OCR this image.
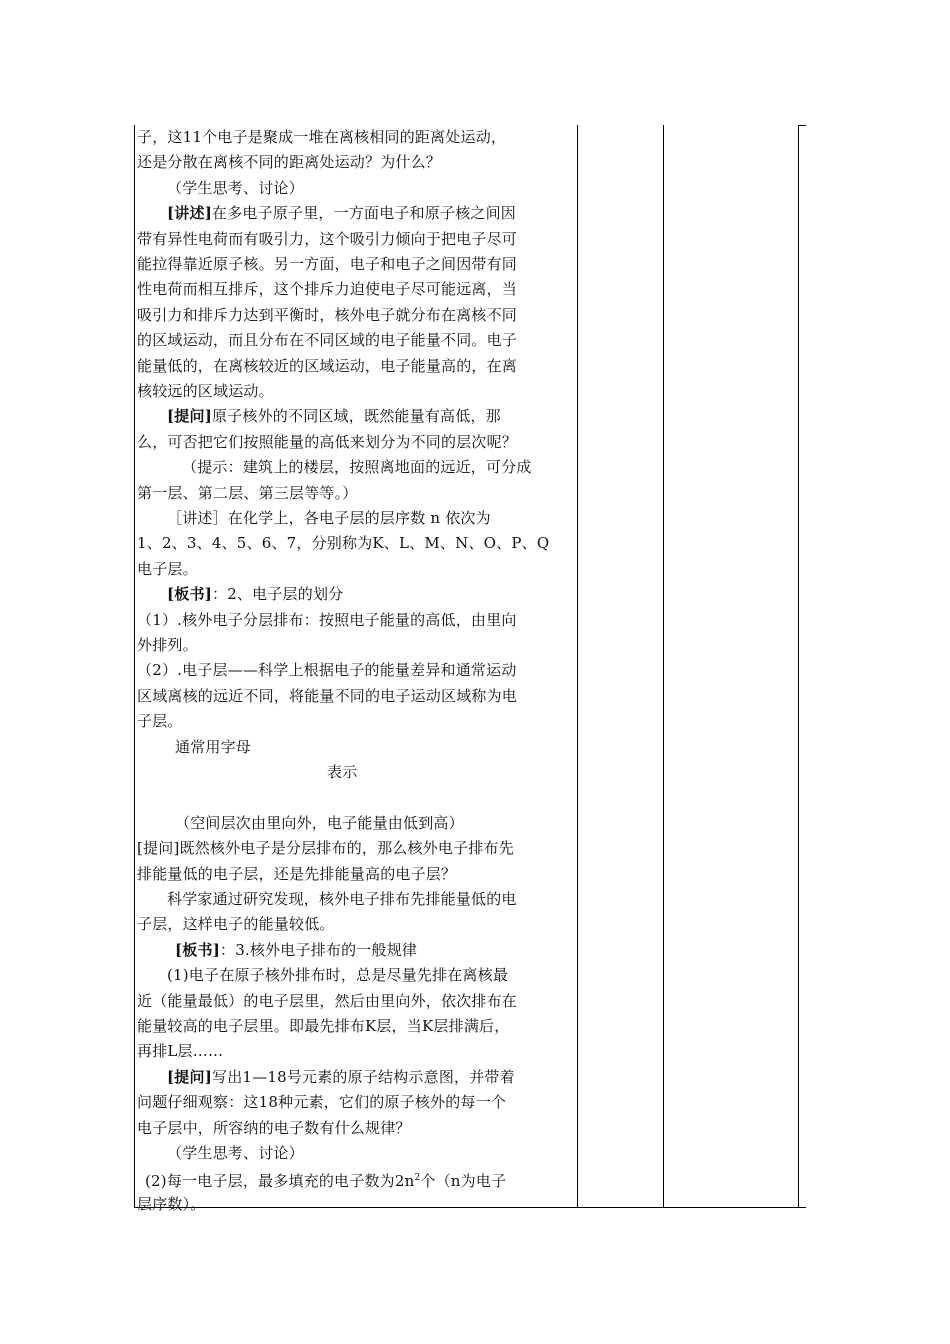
子，这11个电子是聚成一堆在离核相同的距离处运动，
还是分散在离核不同的距离处运动？为什么？
（学生思考、讨论）
[讲述]在多电子原子里，一方面电子和原子核之间因
带有异性电荷而有吸引力，这个吸引力倾向于把电子尽可
能拉得靠近原子核。另一方面，电子和电子之间因带有同
性电荷而相互排斥，这个排斥力迫使电子尽可能远离，当
吸引力和排斥力达到平衡时，核外电子就分布在离核不同
的区域运动，而且分布在不同区域的电子能量不同。电子
能量低的，在离核较近的区域运动，电子能量高的，在离
核较远的区域运动。
[提问]原子核外的不同区域，既然能量有高低，那
么，可否把它们按照能量的高低来划分为不同的层次呢？
（提示：建筑上的楼层，按照离地面的远近，可分成
第一层、第二层、第三层等等。）
［讲述］在化学上，各电子层的层序数 n 依次为
1、2、3、4、5、6、7，分别称为K、L、M、N、O、P、Q
电子层。
[板书]：2、电子层的划分
（1）.核外电子分层排布：按照电子能量的高低，由里向
外排列。
（2）.电子层——科学上根据电子的能量差异和通常运动
区域离核的远近不同，将能量不同的电子运动区域称为电
子层。
通常用字母
表示
（空间层次由里向外，电子能量由低到高）
[提问]既然核外电子是分层排布的，那么核外电子排布先
排能量低的电子层，还是先排能量高的电子层？
科学家通过研究发现，核外电子排布先排能量低的电
子层，这样电子的能量较低。
[板书]：3.核外电子排布的一般规律
(1)电子在原子核外排布时，总是尽量先排在离核最
近（能量最低）的电子层里，然后由里向外，依次排布在
能量较高的电子层里。即最先排布K层，当K层排满后，
再排L层……
[提问]写出1—18号元素的原子结构示意图，并带着
问题仔细观察：这18种元素，它们的原子核外的每一个
电子层中，所容纳的电子数有什么规律？
（学生思考、讨论）
(2)每一电子层，最多填充的电子数为$2n^2$个（n为电子
层序数）。
